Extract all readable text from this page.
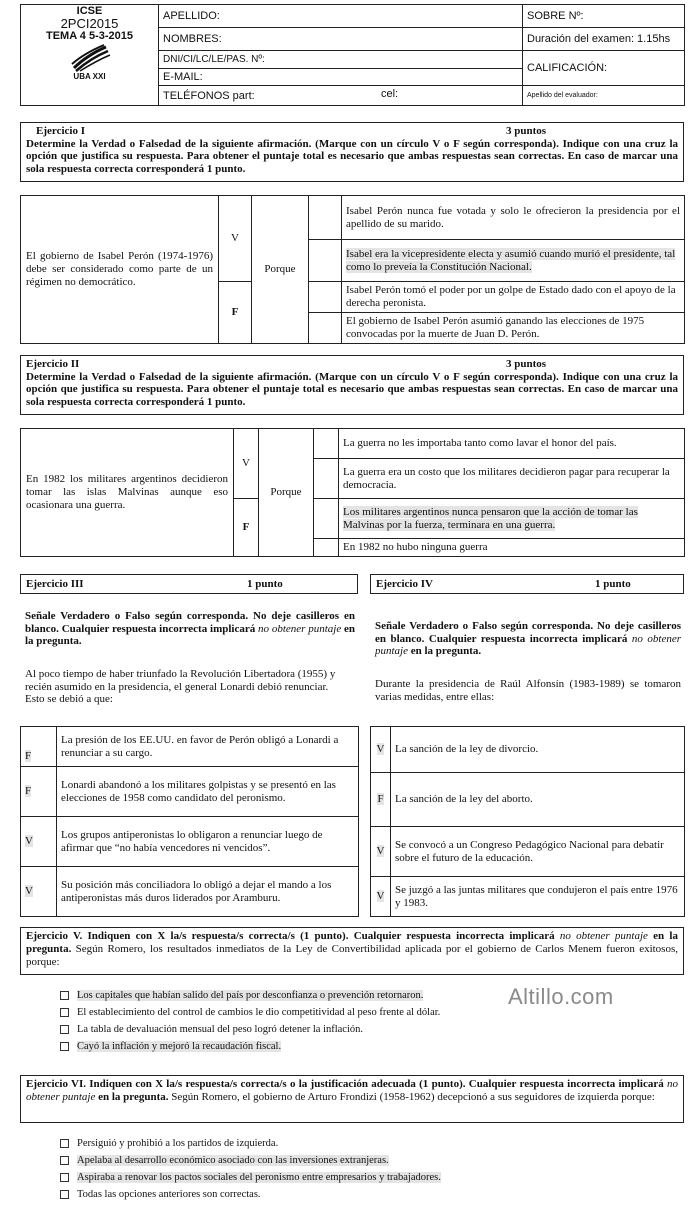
ICSE
2PCI2015
TEMA 4 5-3-2015
UBA XXI	APELLIDO:	SOBRE Nº:
	NOMBRES:	Duración del examen: 1.15hs
	DNI/CI/LC/LE/PAS. Nº:	CALIFICACIÓN:
	E-MAIL:	
	TELÉFONOS part: cel:	Apellido del evaluador:
Ejercicio I	3 puntos
Determine la Verdad o Falsedad de la siguiente afirmación. (Marque con un círculo V o F según corresponda). Indique con una cruz la opción que justifica su respuesta. Para obtener el puntaje total es necesario que ambas respuestas sean correctas. En caso de marcar una sola respuesta correcta corresponderá 1 punto.
El gobierno de Isabel Perón (1974-1976) debe ser considerado como parte de un régimen no democrático.	V	Porque		Isabel Perón nunca fue votada y solo le ofrecieron la presidencia por el apellido de su marido.
				Isabel era la vicepresidente electa y asumió cuando murió el presidente, tal como lo preveía la Constitución Nacional.
	F			Isabel Perón tomó el poder por un golpe de Estado dado con el apoyo de la derecha peronista.
				El gobierno de Isabel Perón asumió ganando las elecciones de 1975 convocadas por la muerte de Juan D. Perón.
Ejercicio II	3 puntos
Determine la Verdad o Falsedad de la siguiente afirmación. (Marque con un círculo V o F según corresponda). Indique con una cruz la opción que justifica su respuesta. Para obtener el puntaje total es necesario que ambas respuestas sean correctas. En caso de marcar una sola respuesta correcta corresponderá 1 punto.
En 1982 los militares argentinos decidieron tomar las islas Malvinas aunque eso ocasionara una guerra.	V	Porque		La guerra no les importaba tanto como lavar el honor del país.
				La guerra era un costo que los militares decidieron pagar para recuperar la democracia.
	F			Los militares argentinos nunca pensaron que la acción de tomar las Malvinas por la fuerza, terminara en una guerra.
				En 1982 no hubo ninguna guerra
Ejercicio III	1 punto
Señale Verdadero o Falso según corresponda. No deje casilleros en blanco. Cualquier respuesta incorrecta implicará no obtener puntaje en la pregunta.
Al poco tiempo de haber triunfado la Revolución Libertadora (1955) y recién asumido en la presidencia, el general Lonardi debió renunciar. Esto se debió a que:
F	La presión de los EE.UU. en favor de Perón obligó a Lonardi a renunciar a su cargo.
F	Lonardi abandonó a los militares golpistas y se presentó en las elecciones de 1958 como candidato del peronismo.
V	Los grupos antiperonistas lo obligaron a renunciar luego de afirmar que “no había vencedores ni vencidos”.
V	Su posición más conciliadora lo obligó a dejar el mando a los antiperonistas más duros liderados por Aramburu.
Ejercicio IV	1 punto
Señale Verdadero o Falso según corresponda. No deje casilleros en blanco. Cualquier respuesta incorrecta implicará no obtener puntaje en la pregunta.
Durante la presidencia de Raúl Alfonsín (1983-1989) se tomaron varias medidas, entre ellas:
V	La sanción de la ley de divorcio.
F	La sanción de la ley del aborto.
V	Se convocó a un Congreso Pedagógico Nacional para debatir sobre el futuro de la educación.
V	Se juzgó a las juntas militares que condujeron el país entre 1976 y 1983.
Ejercicio V. Indiquen con X la/s respuesta/s correcta/s (1 punto). Cualquier respuesta incorrecta implicará no obtener puntaje en la pregunta. Según Romero, los resultados inmediatos de la Ley de Convertibilidad aplicada por el gobierno de Carlos Menem fueron exitosos, porque:
Los capitales que habían salido del país por desconfianza o prevención retornaron.
El establecimiento del control de cambios le dio competitividad al peso frente al dólar.
La tabla de devaluación mensual del peso logró detener la inflación.
Cayó la inflación y mejoró la recaudación fiscal.
Altillo.com
Ejercicio VI. Indiquen con X la/s respuesta/s correcta/s o la justificación adecuada (1 punto). Cualquier respuesta incorrecta implicará no obtener puntaje en la pregunta. Según Romero, el gobierno de Arturo Frondizi (1958-1962) decepcionó a sus seguidores de izquierda porque:
Persiguió y prohibió a los partidos de izquierda.
Apelaba al desarrollo económico asociado con las inversiones extranjeras.
Aspiraba a renovar los pactos sociales del peronismo entre empresarios y trabajadores.
Todas las opciones anteriores son correctas.
